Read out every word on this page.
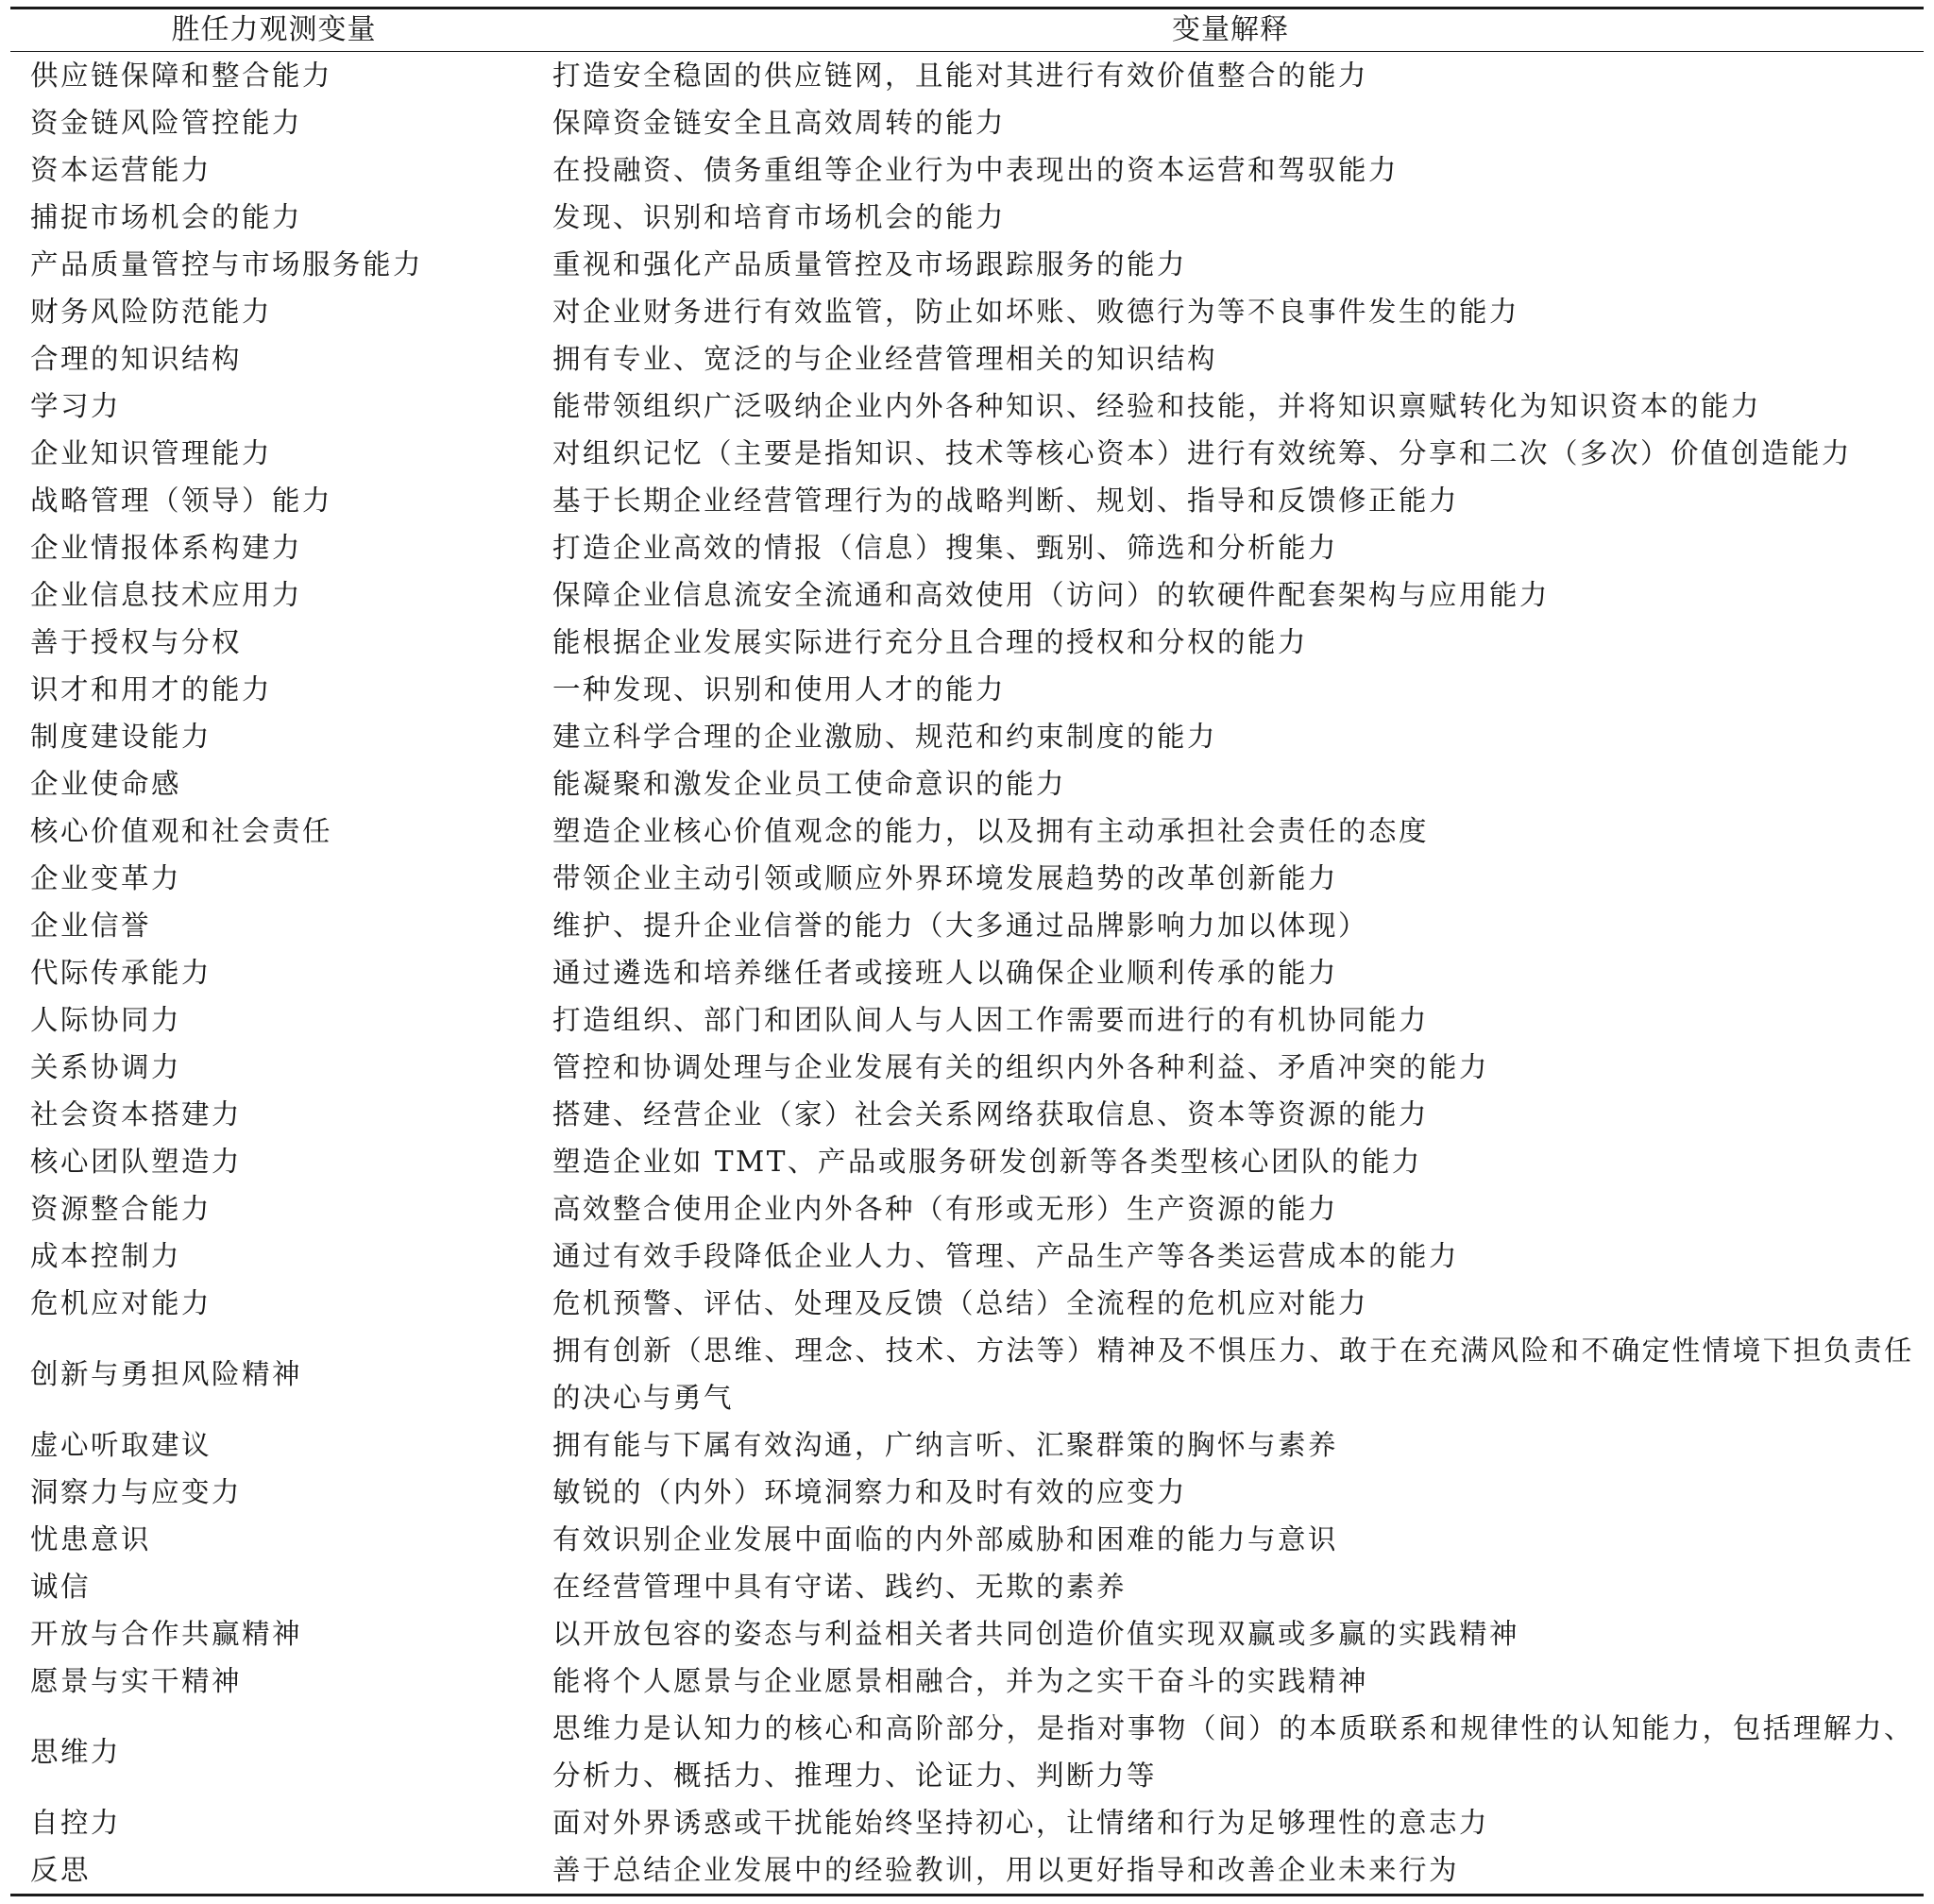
胜任力观测变量	变量解释
供应链保障和整合能力	打造安全稳固的供应链网，且能对其进行有效价值整合的能力
资金链风险管控能力	保障资金链安全且高效周转的能力
资本运营能力	在投融资、债务重组等企业行为中表现出的资本运营和驾驭能力
捕捉市场机会的能力	发现、识别和培育市场机会的能力
产品质量管控与市场服务能力	重视和强化产品质量管控及市场跟踪服务的能力
财务风险防范能力	对企业财务进行有效监管，防止如坏账、败德行为等不良事件发生的能力
合理的知识结构	拥有专业、宽泛的与企业经营管理相关的知识结构
学习力	能带领组织广泛吸纳企业内外各种知识、经验和技能，并将知识禀赋转化为知识资本的能力
企业知识管理能力	对组织记忆（主要是指知识、技术等核心资本）进行有效统筹、分享和二次（多次）价值创造能力
战略管理（领导）能力	基于长期企业经营管理行为的战略判断、规划、指导和反馈修正能力
企业情报体系构建力	打造企业高效的情报（信息）搜集、甄别、筛选和分析能力
企业信息技术应用力	保障企业信息流安全流通和高效使用（访问）的软硬件配套架构与应用能力
善于授权与分权	能根据企业发展实际进行充分且合理的授权和分权的能力
识才和用才的能力	一种发现、识别和使用人才的能力
制度建设能力	建立科学合理的企业激励、规范和约束制度的能力
企业使命感	能凝聚和激发企业员工使命意识的能力
核心价值观和社会责任	塑造企业核心价值观念的能力，以及拥有主动承担社会责任的态度
企业变革力	带领企业主动引领或顺应外界环境发展趋势的改革创新能力
企业信誉	维护、提升企业信誉的能力（大多通过品牌影响力加以体现）
代际传承能力	通过遴选和培养继任者或接班人以确保企业顺利传承的能力
人际协同力	打造组织、部门和团队间人与人因工作需要而进行的有机协同能力
关系协调力	管控和协调处理与企业发展有关的组织内外各种利益、矛盾冲突的能力
社会资本搭建力	搭建、经营企业（家）社会关系网络获取信息、资本等资源的能力
核心团队塑造力	塑造企业如 TMT、产品或服务研发创新等各类型核心团队的能力
资源整合能力	高效整合使用企业内外各种（有形或无形）生产资源的能力
成本控制力	通过有效手段降低企业人力、管理、产品生产等各类运营成本的能力
危机应对能力	危机预警、评估、处理及反馈（总结）全流程的危机应对能力
创新与勇担风险精神	拥有创新（思维、理念、技术、方法等）精神及不惧压力、敢于在充满风险和不确定性情境下担负责任的决心与勇气
虚心听取建议	拥有能与下属有效沟通，广纳言听、汇聚群策的胸怀与素养
洞察力与应变力	敏锐的（内外）环境洞察力和及时有效的应变力
忧患意识	有效识别企业发展中面临的内外部威胁和困难的能力与意识
诚信	在经营管理中具有守诺、践约、无欺的素养
开放与合作共赢精神	以开放包容的姿态与利益相关者共同创造价值实现双赢或多赢的实践精神
愿景与实干精神	能将个人愿景与企业愿景相融合，并为之实干奋斗的实践精神
思维力	思维力是认知力的核心和高阶部分，是指对事物（间）的本质联系和规律性的认知能力，包括理解力、分析力、概括力、推理力、论证力、判断力等
自控力	面对外界诱惑或干扰能始终坚持初心，让情绪和行为足够理性的意志力
反思	善于总结企业发展中的经验教训，用以更好指导和改善企业未来行为
